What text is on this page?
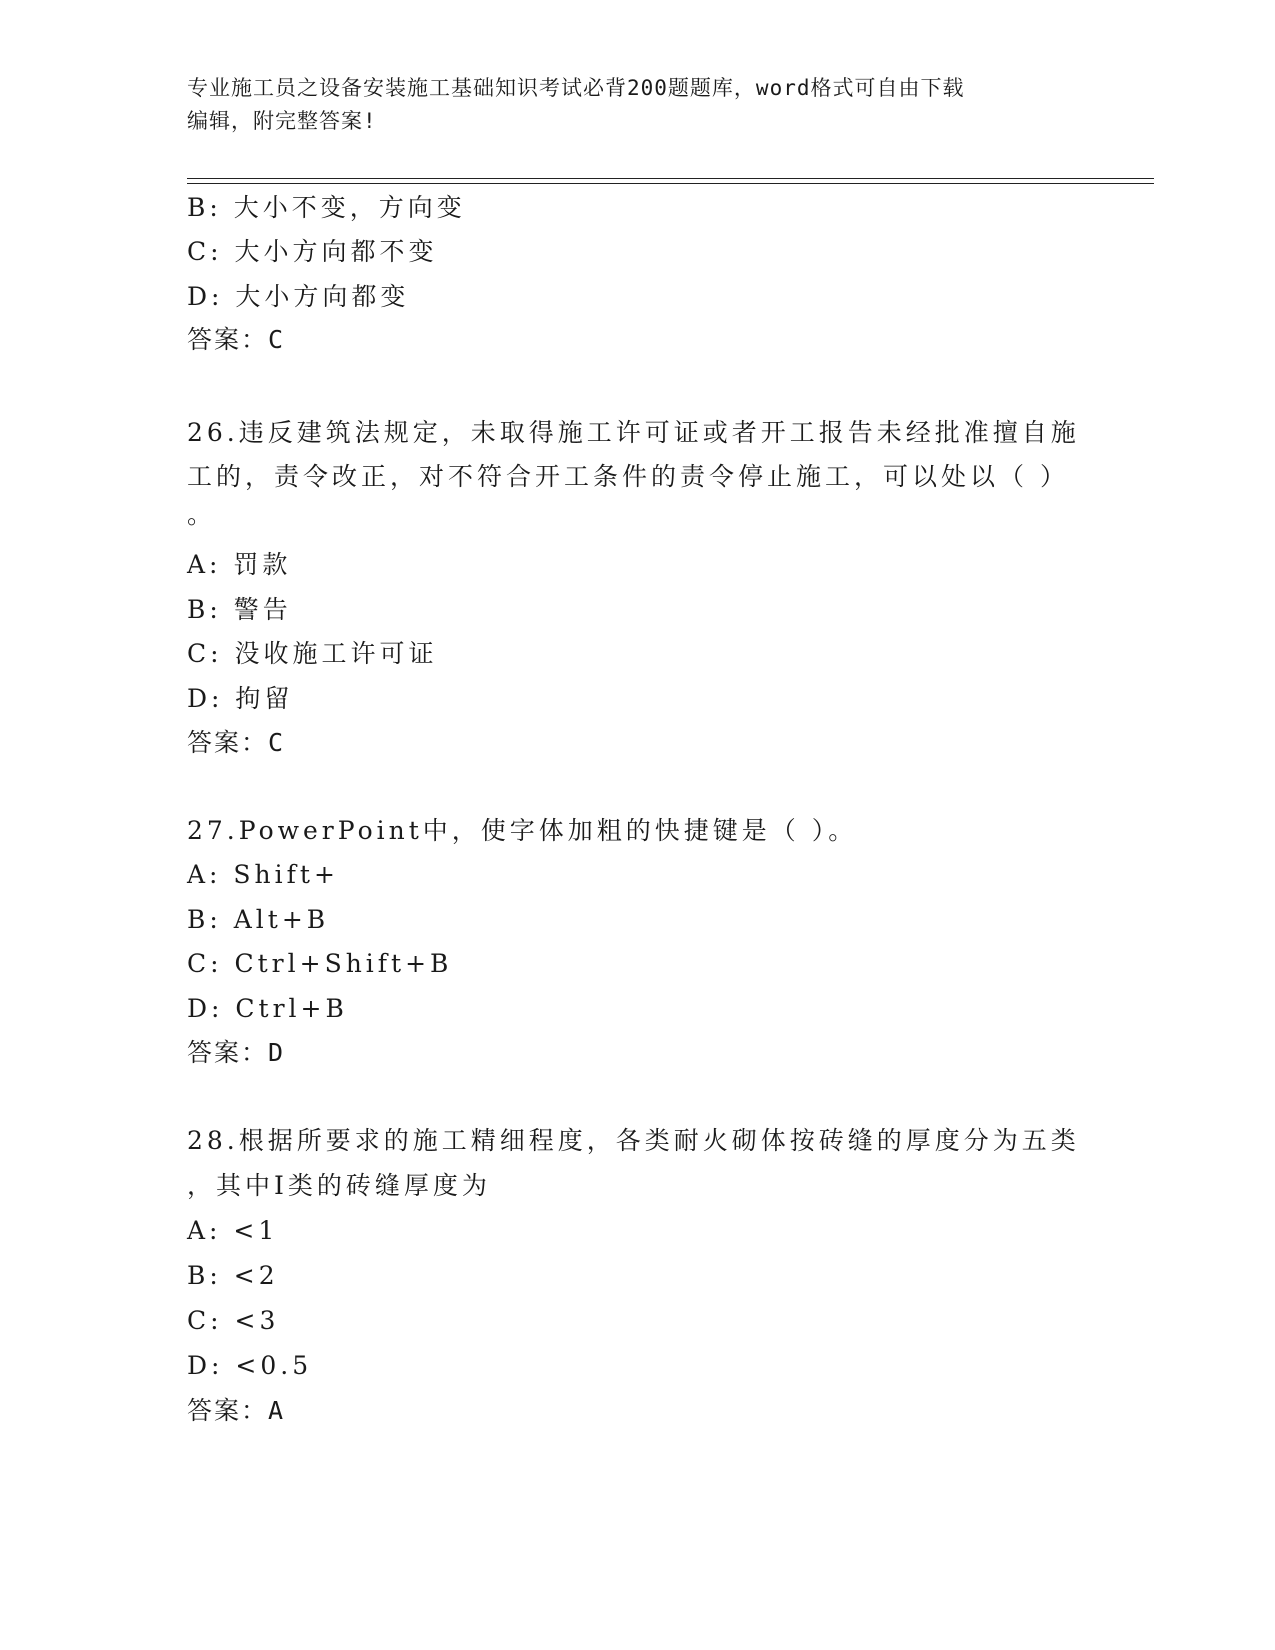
专业施工员之设备安装施工基础知识考试必背200题题库，word格式可自由下载
编辑，附完整答案!
B: 大小不变，方向变
C: 大小方向都不变
D: 大小方向都变
答案：C
26.违反建筑法规定，未取得施工许可证或者开工报告未经批准擅自施
工的，责令改正，对不符合开工条件的责令停止施工，可以处以（ ）
。
A: 罚款
B: 警告
C: 没收施工许可证
D: 拘留
答案：C
27.PowerPoint中，使字体加粗的快捷键是（ ）。
A: Shift+
B: Alt+B
C: Ctrl+Shift+B
D: Ctrl+B
答案：D
28.根据所要求的施工精细程度，各类耐火砌体按砖缝的厚度分为五类
，其中I类的砖缝厚度为
A: <1
B: <2
C: <3
D: <0.5
答案：A
